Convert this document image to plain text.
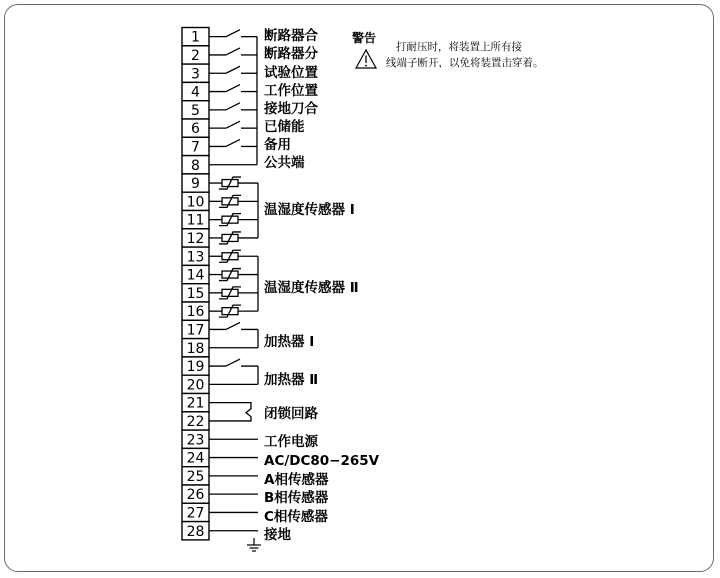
1
2
3
4
5
6
7
8
9
10
11
12
13
14
15
16
17
18
19
20
21
22
23
24
25
26
27
28
断路器合
断路器分
试验位置
工作位置
接地刀合
已储能
备用
公共端
温湿度传感器 Ⅰ
温湿度传感器 Ⅱ
加热器 Ⅰ
加热器 Ⅱ
闭锁回路
工作电源
AC/DC80−265V
A相传感器
B相传感器
C相传感器
接地
警告
打耐压时，将装置上所有接
线端子断开，以免将装置击穿着。
